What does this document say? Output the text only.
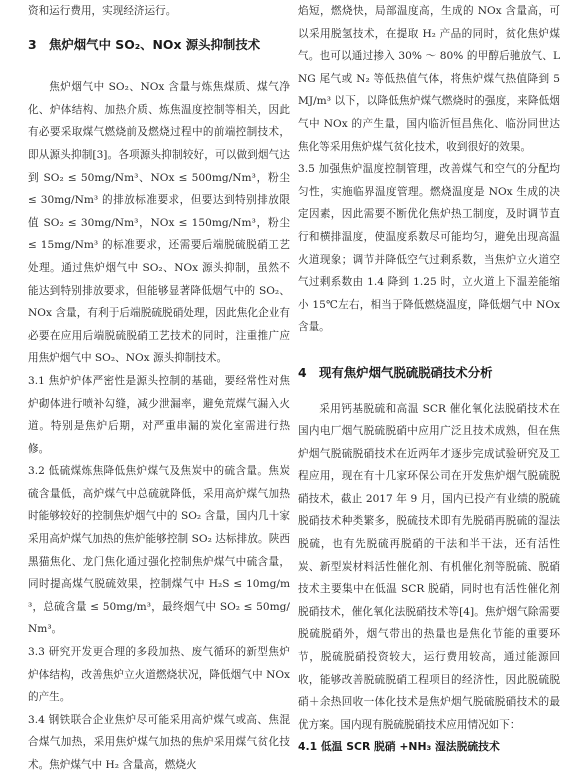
资和运行费用，实现经济运行。

3　焦炉烟气中 SO₂、NOx 源头抑制技术

焦炉烟气中 SO₂、NOx 含量与炼焦煤质、煤气净化、炉体结构、加热介质、炼焦温度控制等相关，因此有必要采取煤气燃烧前及燃烧过程中的前端控制技术，即从源头抑制[3]。各项源头抑制较好，可以做到烟气达到 SO₂ ≤ 50mg/Nm³、NOx ≤ 500mg/Nm³，粉尘 ≤ 30mg/Nm³ 的排放标准要求，但要达到特别排放限值 SO₂ ≤ 30mg/Nm³，NOx ≤ 150mg/Nm³，粉尘 ≤ 15mg/Nm³ 的标准要求，还需要后端脱硫脱硝工艺处理。通过焦炉烟气中 SO₂、NOx 源头抑制，虽然不能达到特别排放要求，但能够显著降低烟气中的 SO₂、NOx 含量，有利于后端脱硫脱硝处理，因此焦化企业有必要在应用后端脱硫脱硝工艺技术的同时，注重推广应用焦炉烟气中 SO₂、NOx 源头抑制技术。

3.1 焦炉炉体严密性是源头控制的基础，要经常性对焦炉砌体进行喷补勾缝，减少泄漏率，避免荒煤气漏入火道。特别是焦炉后期，对严重串漏的炭化室需进行热修。

3.2 低硫煤炼焦降低焦炉煤气及焦炭中的硫含量。焦炭硫含量低，高炉煤气中总硫就降低，采用高炉煤气加热时能够较好的控制焦炉烟气中的 SO₂ 含量，国内几十家采用高炉煤气加热的焦炉能够控制 SO₂ 达标排放。陕西黑猫焦化、龙门焦化通过强化控制焦炉煤气中硫含量，同时提高煤气脱硫效果，控制煤气中 H₂S ≤ 10mg/m³，总硫含量 ≤ 50mg/m³，最终烟气中 SO₂ ≤ 50mg/Nm³。

3.3 研究开发更合理的多段加热、废气循环的新型焦炉炉体结构，改善焦炉立火道燃烧状况，降低烟气中 NOx 的产生。

3.4 钢铁联合企业焦炉尽可能采用高炉煤气或高、焦混合煤气加热，采用焦炉煤气加热的焦炉采用煤气贫化技术。焦炉煤气中 H₂ 含量高，燃烧火

焰短，燃烧快，局部温度高，生成的 NOx 含量高，可以采用脱氢技术，在提取 H₂ 产品的同时，贫化焦炉煤气。也可以通过掺入 30% ～ 80% 的甲醇后驰放气、LNG 尾气或 N₂ 等低热值气体，将焦炉煤气热值降到 5MJ/m³ 以下，以降低焦炉煤气燃烧时的强度，来降低烟气中 NOx 的产生量，国内临沂恒昌焦化、临汾同世达焦化等采用焦炉煤气贫化技术，收到很好的效果。

3.5 加强焦炉温度控制管理，改善煤气和空气的分配均匀性，实施临界温度管理。燃烧温度是 NOx 生成的决定因素，因此需要不断优化焦炉热工制度，及时调节直行和横排温度，使温度系数尽可能均匀，避免出现高温火道现象；调节并降低空气过剩系数，当焦炉立火道空气过剩系数由 1.4 降到 1.25 时，立火道上下温差能缩小 15℃左右，相当于降低燃烧温度，降低烟气中 NOx 含量。

4　现有焦炉烟气脱硫脱硝技术分析

采用钙基脱硫和高温 SCR 催化氧化法脱硝技术在国内电厂烟气脱硫脱硝中应用广泛且技术成熟，但在焦炉烟气脱硫脱硝技术在近两年才逐步完成试验研究及工程应用，现在有十几家环保公司在开发焦炉烟气脱硫脱硝技术，截止 2017 年 9 月，国内已投产有业绩的脱硫脱硝技术种类繁多，脱硫技术即有先脱硝再脱硫的湿法脱硫，也有先脱硫再脱硝的干法和半干法，还有活性炭、新型炭材料活性催化剂、有机催化剂等脱硫、脱硝技术主要集中在低温 SCR 脱硝，同时也有活性催化剂脱硝技术，催化氧化法脱硝技术等[4]。焦炉烟气除需要脱硫脱硝外，烟气带出的热量也是焦化节能的重要环节，脱硫脱硝投资较大，运行费用较高，通过能源回收，能够改善脱硫脱硝工程项目的经济性，因此脱硫脱硝＋余热回收一体化技术是焦炉烟气脱硫脱硝技术的最优方案。国内现有脱硫脱硝技术应用情况如下：

4.1 低温 SCR 脱硝 +NH₃ 湿法脱硫技术
